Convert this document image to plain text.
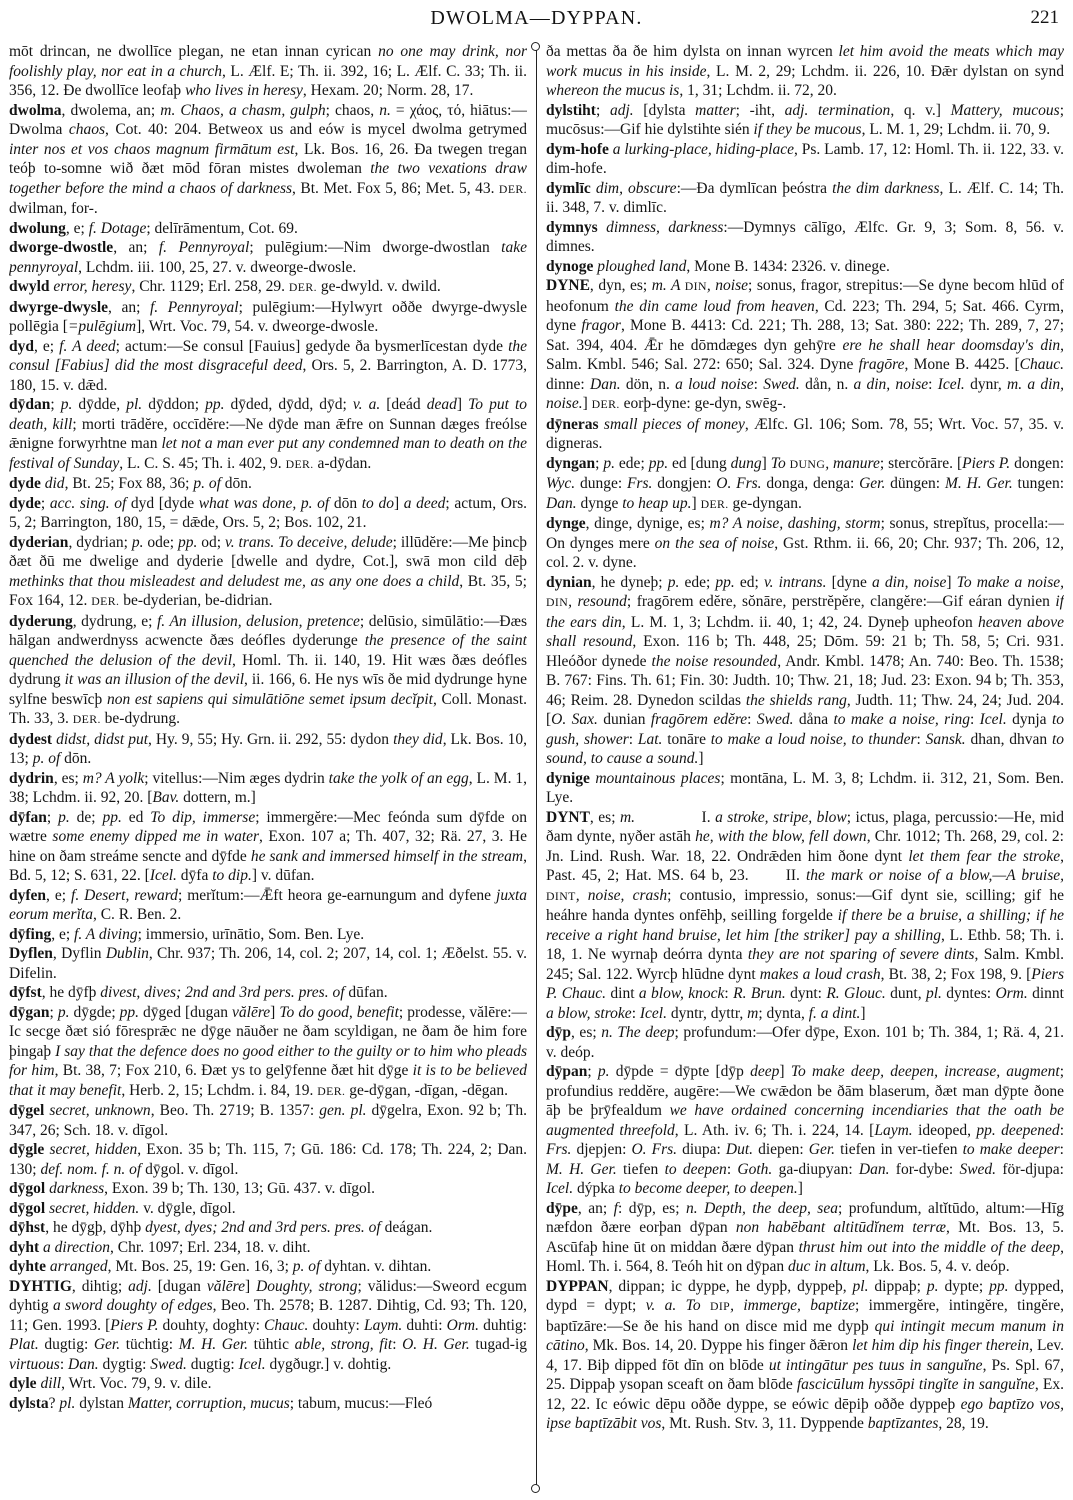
DWOLMA—DYPPAN.	221

mōt drincan, ne dwollīce plegan, ne etan innan cyrican no one may drink, nor foolishly play, nor eat in a church, L. Ælf. E; Th. ii. 392, 16; L. Ælf. C. 33; Th. ii. 356, 12. Ðe dwollīce leofaþ who lives in heresy, Hexam. 20; Norm. 28, 17.

dwolma, dwolema, an; m. Chaos, a chasm, gulph; chaos, n. = χάος, τό, hiātus:—Dwolma chaos, Cot. 40: 204. Betweox us and eów is mycel dwolma getrymed inter nos et vos chaos magnum firmātum est, Lk. Bos. 16, 26. Ða twegen tregan teóþ to-somne wið ðæt mōd fōran mistes dwoleman the two vexations draw together before the mind a chaos of darkness, Bt. Met. Fox 5, 86; Met. 5, 43. DER. dwilman, for-.

dwolung, e; f. Dotage; delīrāmentum, Cot. 69.

dworge-dwostle, an; f. Pennyroyal; pulēgium:—Nim dworge-dwostlan take pennyroyal, Lchdm. iii. 100, 25, 27. v. dweorge-dwosle.

dwyld error, heresy, Chr. 1129; Erl. 258, 29. DER. ge-dwyld. v. dwild.

dwyrge-dwysle, an; f. Pennyroyal; pulēgium:—Hylwyrt oððe dwyrge-dwysle pollēgia [=pulēgium], Wrt. Voc. 79, 54. v. dweorge-dwosle.

dyd, e; f. A deed; actum:—Se consul [Fauius] gedyde ða bysmerlīcestan dyde the consul [Fabius] did the most disgraceful deed, Ors. 5, 2. Barrington, A. D. 1773, 180, 15. v. dǣd.

dȳdan; p. dȳdde, pl. dȳddon; pp. dȳded, dȳdd, dȳd; v. a. [deád dead] To put to death, kill; morti trādĕre, occīdĕre:—Ne dȳde man ǣfre on Sunnan dæges freólse ǣnigne forwyrhtne man let not a man ever put any condemned man to death on the festival of Sunday, L. C. S. 45; Th. i. 402, 9. DER. a-dȳdan.

dyde did, Bt. 25; Fox 88, 36; p. of dōn.

dyde; acc. sing. of dyd [dyde what was done, p. of dōn to do] a deed; actum, Ors. 5, 2; Barrington, 180, 15, = dǣde, Ors. 5, 2; Bos. 102, 21.

dyderian, dydrian; p. ode; pp. od; v. trans. To deceive, delude; illūdĕre:—Me þincþ ðæt ðū me dwelige and dyderie [dwelle and dydre, Cot.], swā mon cild dēþ methinks that thou misleadest and deludest me, as any one does a child, Bt. 35, 5; Fox 164, 12. DER. be-dyderian, be-didrian.

dyderung, dydrung, e; f. An illusion, delusion, pretence; delūsio, simūlātio:—Ðæs hālgan andwerdnyss acwencte ðæs deófles dyderunge the presence of the saint quenched the delusion of the devil, Homl. Th. ii. 140, 19. Hit wæs ðæs deófles dydrung it was an illusion of the devil, ii. 166, 6. He nys wīs ðe mid dydrunge hyne sylfne beswīcþ non est sapiens qui simulātiōne semet ipsum decĭpit, Coll. Monast. Th. 33, 3. DER. be-dydrung.

dydest didst, didst put, Hy. 9, 55; Hy. Grn. ii. 292, 55: dydon they did, Lk. Bos. 10, 13; p. of dōn.

dydrin, es; m? A yolk; vitellus:—Nim æges dydrin take the yolk of an egg, L. M. 1, 38; Lchdm. ii. 92, 20. [Bav. dottern, m.]

dȳfan; p. de; pp. ed To dip, immerse; immergĕre:—Mec feónda sum dȳfde on wætre some enemy dipped me in water, Exon. 107 a; Th. 407, 32; Rä. 27, 3. He hine on ðam streáme sencte and dȳfde he sank and immersed himself in the stream, Bd. 5, 12; S. 631, 22. [Icel. dȳfa to dip.] v. dūfan.

dyfen, e; f. Desert, reward; merĭtum:—Ǣft heora ge-earnungum and dyfene juxta eorum merĭta, C. R. Ben. 2.

dȳfing, e; f. A diving; immersio, urīnātio, Som. Ben. Lye.

Dyflen, Dyflin Dublin, Chr. 937; Th. 206, 14, col. 2; 207, 14, col. 1; Æðelst. 55. v. Difelin.

dȳfst, he dȳfþ divest, dives; 2nd and 3rd pers. pres. of dūfan.

dȳgan; p. dȳgde; pp. dȳged [dugan vălēre] To do good, benefit; prodesse, vălēre:—Ic secge ðæt sió fōresprǣc ne dȳge nāuðer ne ðam scyldigan, ne ðam ðe him fore þingaþ I say that the defence does no good either to the guilty or to him who pleads for him, Bt. 38, 7; Fox 210, 6. Ðæt ys to gelȳfenne ðæt hit dȳge it is to be believed that it may benefit, Herb. 2, 15; Lchdm. i. 84, 19. DER. ge-dȳgan, -dīgan, -dēgan.

dȳgel secret, unknown, Beo. Th. 2719; B. 1357: gen. pl. dȳgelra, Exon. 92 b; Th. 347, 26; Sch. 18. v. dīgol.

dȳgle secret, hidden, Exon. 35 b; Th. 115, 7; Gū. 186: Cd. 178; Th. 224, 2; Dan. 130; def. nom. f. n. of dȳgol. v. dīgol.

dȳgol darkness, Exon. 39 b; Th. 130, 13; Gū. 437. v. dīgol.

dȳgol secret, hidden. v. dȳgle, dīgol.

dȳhst, he dȳgþ, dȳhþ dyest, dyes; 2nd and 3rd pers. pres. of deágan.

dyht a direction, Chr. 1097; Erl. 234, 18. v. diht.

dyhte arranged, Mt. Bos. 25, 19: Gen. 16, 3; p. of dyhtan. v. dihtan.

DYHTIG, dihtig; adj. [dugan vălēre] Doughty, strong; vălidus:—Sweord ecgum dyhtig a sword doughty of edges, Beo. Th. 2578; B. 1287. Dihtig, Cd. 93; Th. 120, 11; Gen. 1993. [Piers P. douhty, doghty: Chauc. douhty: Laym. duhti: Orm. duhtig: Plat. dugtig: Ger. tüchtig: M. H. Ger. tühtic able, strong, fit: O. H. Ger. tugad-ig virtuous: Dan. dygtig: Swed. dugtig: Icel. dygðugr.] v. dohtig.

dyle dill, Wrt. Voc. 79, 9. v. dile.

dylsta? pl. dylstan Matter, corruption, mucus; tabum, mucus:—Fleó

ða mettas ða ðe him dylsta on innan wyrcen let him avoid the meats which may work mucus in his inside, L. M. 2, 29; Lchdm. ii. 226, 10. Ðǣr dylstan on synd whereon the mucus is, 1, 31; Lchdm. ii. 72, 20.

dylstiht; adj. [dylsta matter; -iht, adj. termination, q. v.] Mattery, mucous; mucōsus:—Gif hie dylstihte sién if they be mucous, L. M. 1, 29; Lchdm. ii. 70, 9.

dym-hofe a lurking-place, hiding-place, Ps. Lamb. 17, 12: Homl. Th. ii. 122, 33. v. dim-hofe.

dymlīc dim, obscure:—Ða dymlīcan þeóstra the dim darkness, L. Ælf. C. 14; Th. ii. 348, 7. v. dimlīc.

dymnys dimness, darkness:—Dymnys cālīgo, Ælfc. Gr. 9, 3; Som. 8, 56. v. dimnes.

dynoge ploughed land, Mone B. 1434: 2326. v. dinege.

DYNE, dyn, es; m. A DIN, noise; sonus, fragor, strepitus:—Se dyne becom hlūd of heofonum the din came loud from heaven, Cd. 223; Th. 294, 5; Sat. 466. Cyrm, dyne fragor, Mone B. 4413: Cd. 221; Th. 288, 13; Sat. 380: 222; Th. 289, 7, 27; Sat. 394, 404. Ǣr he dōmdæges dyn gehȳre ere he shall hear doomsday's din, Salm. Kmbl. 546; Sal. 272: 650; Sal. 324. Dyne fragōre, Mone B. 4425. [Chauc. dinne: Dan. dön, n. a loud noise: Swed. dån, n. a din, noise: Icel. dynr, m. a din, noise.] DER. eorþ-dyne: ge-dyn, swēg-.

dȳneras small pieces of money, Ælfc. Gl. 106; Som. 78, 55; Wrt. Voc. 57, 35. v. digneras.

dyngan; p. ede; pp. ed [dung dung] To DUNG, manure; stercŏrāre. [Piers P. dongen: Wyc. dunge: Frs. dongjen: O. Frs. donga, denga: Ger. düngen: M. H. Ger. tungen: Dan. dynge to heap up.] DER. ge-dyngan.

dynge, dinge, dynige, es; m? A noise, dashing, storm; sonus, strepĭtus, procella:—On dynges mere on the sea of noise, Gst. Rthm. ii. 66, 20; Chr. 937; Th. 206, 12, col. 2. v. dyne.

dynian, he dyneþ; p. ede; pp. ed; v. intrans. [dyne a din, noise] To make a noise, DIN, resound; fragōrem edĕre, sŏnāre, perstrĕpĕre, clangĕre:—Gif eáran dynien if the ears din, L. M. 1, 3; Lchdm. ii. 40, 1; 42, 24. Dyneþ upheofon heaven above shall resound, Exon. 116 b; Th. 448, 25; Dōm. 59: 21 b; Th. 58, 5; Cri. 931. Hleóðor dynede the noise resounded, Andr. Kmbl. 1478; An. 740: Beo. Th. 1538; B. 767: Fins. Th. 61; Fin. 30: Judth. 10; Thw. 21, 18; Jud. 23: Exon. 94 b; Th. 353, 46; Reim. 28. Dynedon scildas the shields rang, Judth. 11; Thw. 24, 24; Jud. 204. [O. Sax. dunian fragōrem edĕre: Swed. dåna to make a noise, ring: Icel. dynja to gush, shower: Lat. tonāre to make a loud noise, to thunder: Sansk. dhan, dhvan to sound, to cause a sound.]

dynige mountainous places; montāna, L. M. 3, 8; Lchdm. ii. 312, 21, Som. Ben. Lye.

DYNT, es; m.     I. a stroke, stripe, blow; ictus, plaga, percussio:—He, mid ðam dynte, nyðer astāh he, with the blow, fell down, Chr. 1012; Th. 268, 29, col. 2: Jn. Lind. Rush. War. 18, 22. Ondrǣden him ðone dynt let them fear the stroke, Past. 45, 2; Hat. MS. 64 b, 23.   II. the mark or noise of a blow,—A bruise, DINT, noise, crash; contusio, impressio, sonus:—Gif dynt sie, scilling; gif he heáhre handa dyntes onfēhþ, seilling forgelde if there be a bruise, a shilling; if he receive a right hand bruise, let him [the striker] pay a shilling, L. Ethb. 58; Th. i. 18, 1. Ne wyrnaþ deórra dynta they are not sparing of severe dints, Salm. Kmbl. 245; Sal. 122. Wyrcþ hlūdne dynt makes a loud crash, Bt. 38, 2; Fox 198, 9. [Piers P. Chauc. dint a blow, knock: R. Brun. dynt: R. Glouc. dunt, pl. dyntes: Orm. dinnt a blow, stroke: Icel. dyntr, dyttr, m; dynta, f. a dint.]

dȳp, es; n. The deep; profundum:—Ofer dȳpe, Exon. 101 b; Th. 384, 1; Rä. 4, 21. v. deóp.

dȳpan; p. dȳpde = dȳpte [dȳp deep] To make deep, deepen, increase, augment; profundius reddĕre, augēre:—We cwǣdon be ðām blaserum, ðæt man dȳpte ðone āþ be þrȳfealdum we have ordained concerning incendiaries that the oath be augmented threefold, L. Ath. iv. 6; Th. i. 224, 14. [Laym. ideoped, pp. deepened: Frs. djepjen: O. Frs. diupa: Dut. diepen: Ger. tiefen in ver-tiefen to make deeper: M. H. Ger. tiefen to deepen: Goth. ga-diupyan: Dan. for-dybe: Swed. för-djupa: Icel. dýpka to become deeper, to deepen.]

dȳpe, an; f: dȳp, es; n. Depth, the deep, sea; profundum, altĭtūdo, altum:—Hīg næfdon ðære eorþan dȳpan non habēbant altitūdĭnem terræ, Mt. Bos. 13, 5. Ascūfaþ hine ūt on middan ðære dȳpan thrust him out into the middle of the deep, Homl. Th. i. 564, 8. Teóh hit on dȳpan duc in altum, Lk. Bos. 5, 4. v. deóp.

DYPPAN, dippan; ic dyppe, he dypþ, dyppeþ, pl. dippaþ; p. dypte; pp. dypped, dypd = dypt; v. a. To DIP, immerge, baptize; immergĕre, intingĕre, tingĕre, baptīzāre:—Se ðe his hand on disce mid me dypþ qui intingit mecum manum in cātino, Mk. Bos. 14, 20. Dyppe his finger ðǣron let him dip his finger therein, Lev. 4, 17. Biþ dipped fōt dīn on blōde ut intingātur pes tuus in sanguĭne, Ps. Spl. 67, 25. Dippaþ ysopan sceaft on ðam blōde fascicūlum hyssōpi tingĭte in sanguĭne, Ex. 12, 22. Ic eówic dēpu oððe dyppe, se eówic dēpiþ oððe dyppeþ ego baptīzo vos, ipse baptīzābit vos, Mt. Rush. Stv. 3, 11. Dyppende baptīzantes, 28, 19.
